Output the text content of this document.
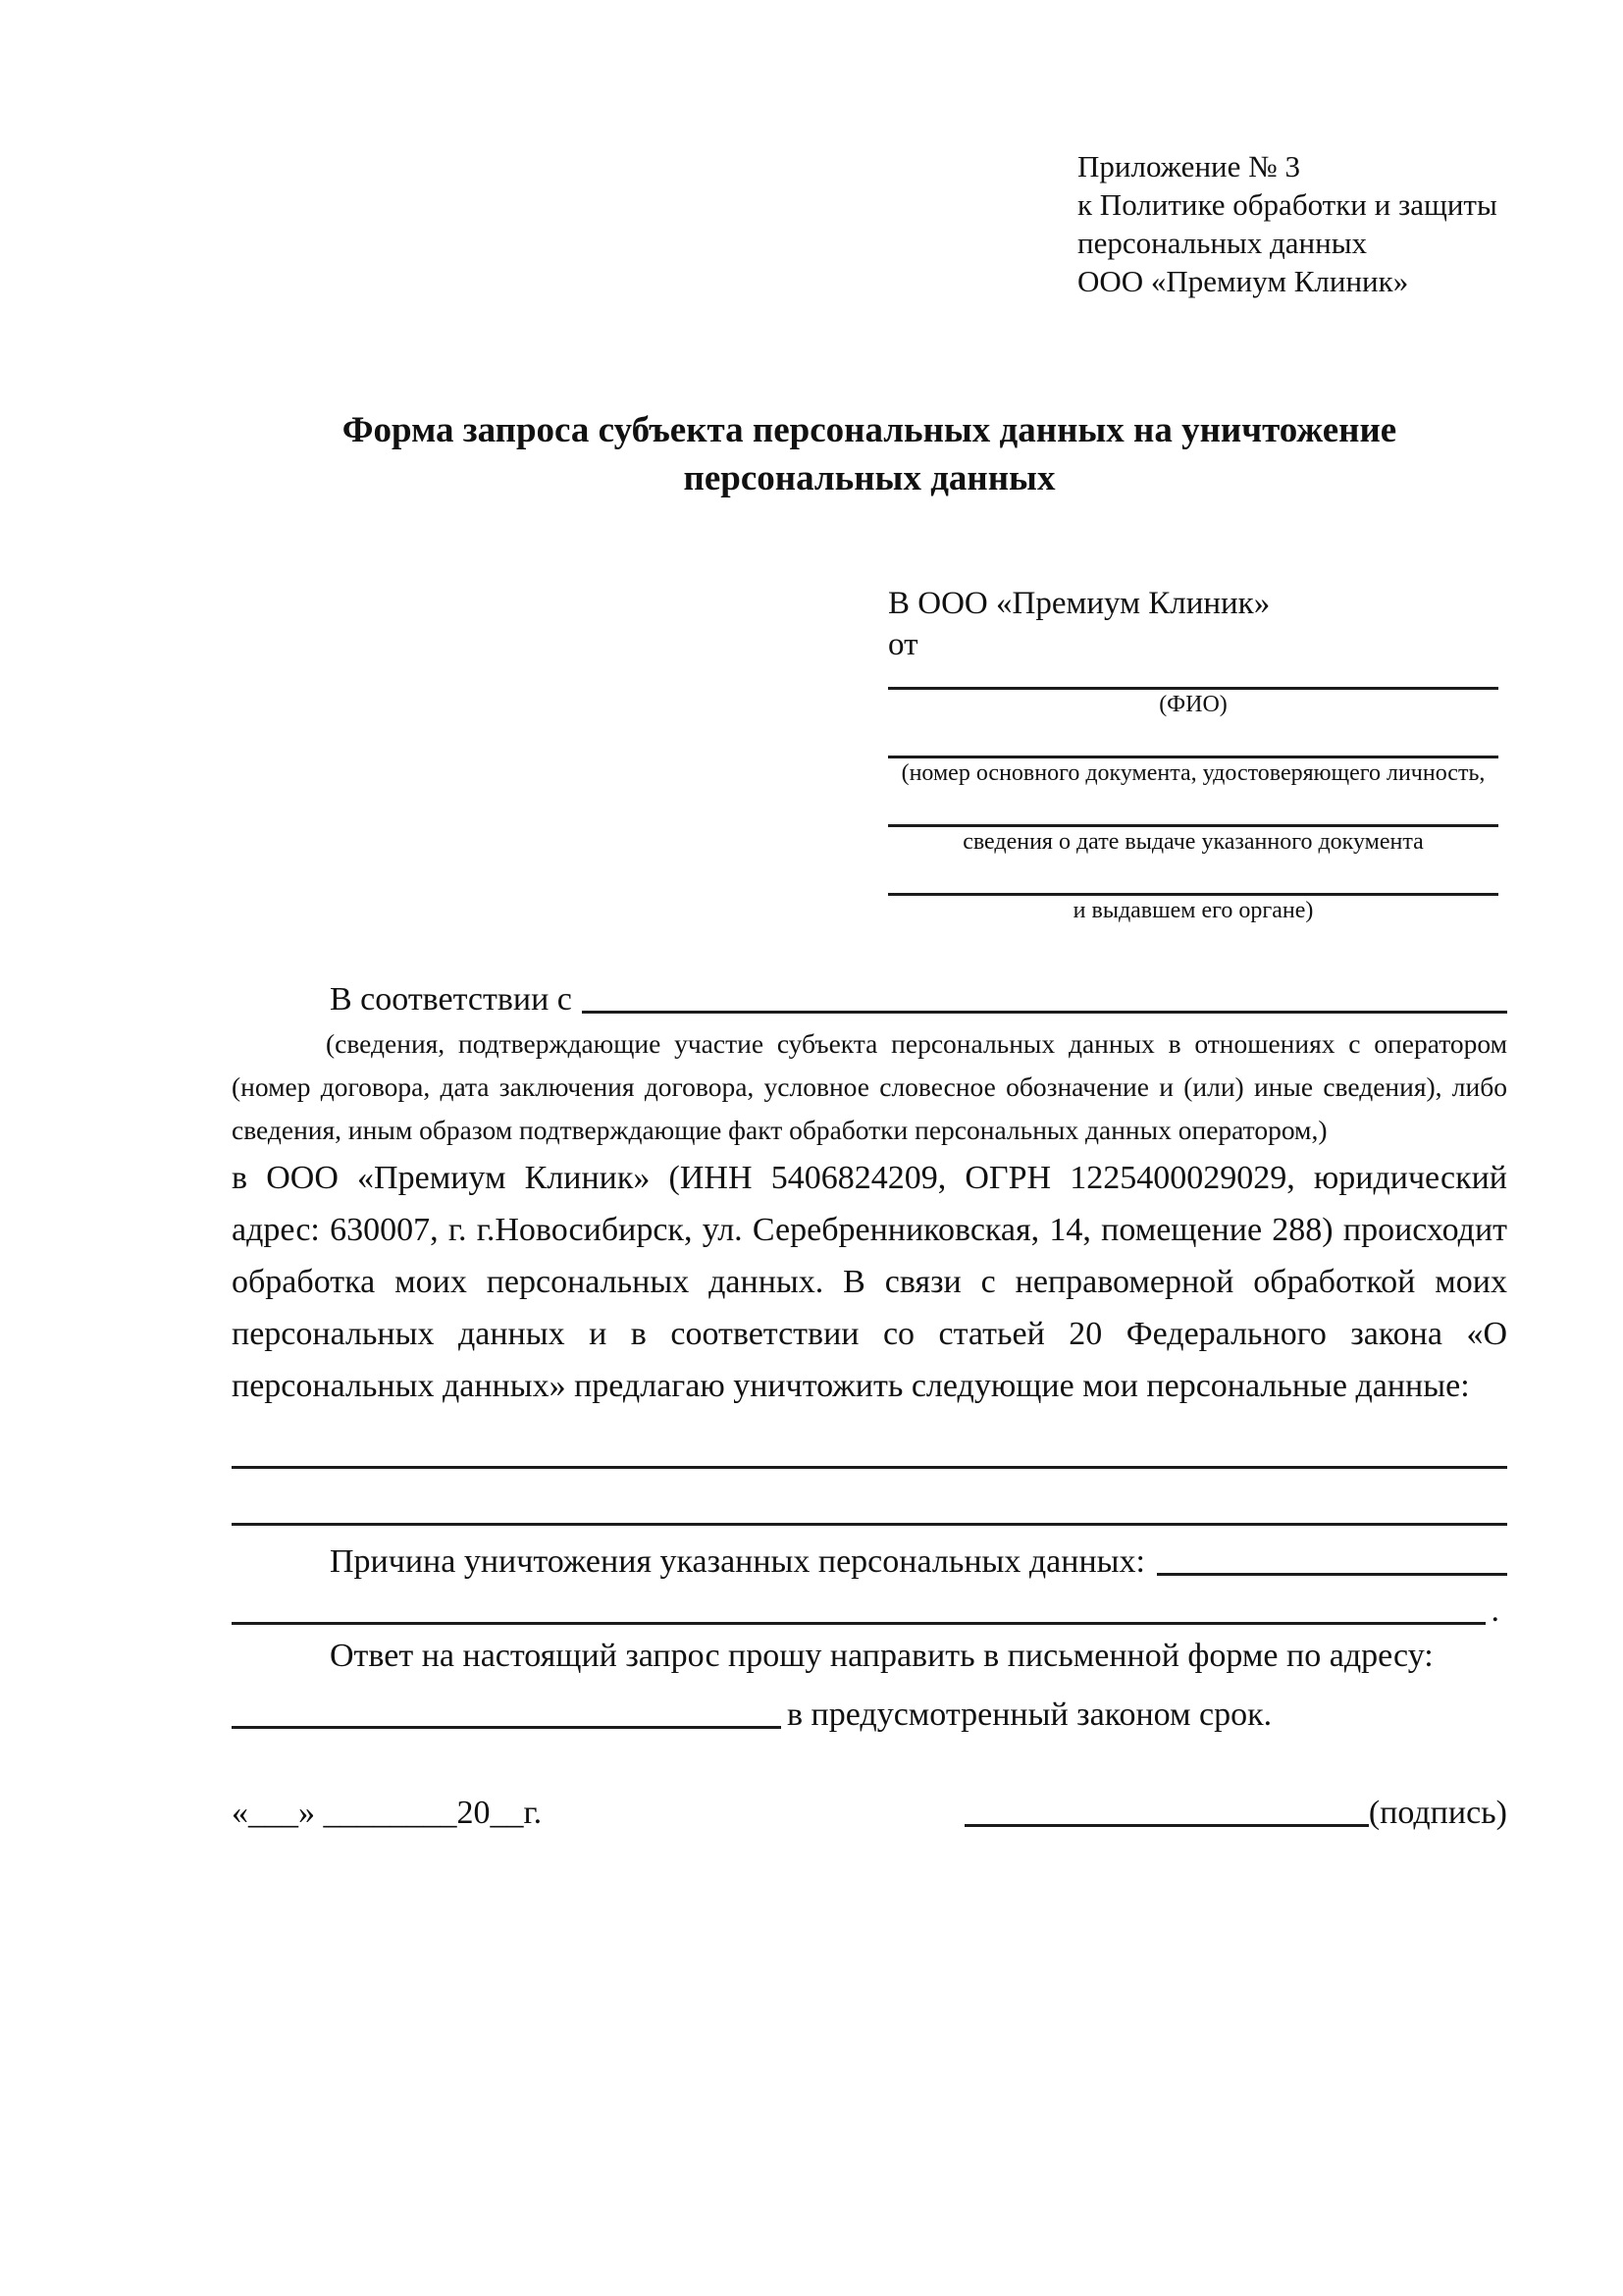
Приложение № 3
к Политике обработки и защиты
персональных данных
ООО «Премиум Клиник»
Форма запроса субъекта персональных данных на уничтожение
персональных данных
В ООО «Премиум Клиник»
от
(ФИО)
(номер основного документа, удостоверяющего личность,
сведения о дате выдаче указанного документа
и выдавшем его органе)
В соответствии с

(сведения, подтверждающие участие субъекта персональных данных в отношениях с оператором (номер договора, дата заключения договора, условное словесное обозначение и (или) иные сведения), либо сведения, иным образом подтверждающие факт обработки персональных данных оператором,)

в ООО «Премиум Клиник» (ИНН 5406824209, ОГРН 1225400029029, юридический адрес: 630007, г. г.Новосибирск, ул. Серебренниковская, 14, помещение 288) происходит обработка моих персональных данных. В связи с неправомерной обработкой моих персональных данных и в соответствии со статьей 20 Федерального закона «О персональных данных» предлагаю уничтожить следующие мои персональные данные:

Причина уничтожения указанных персональных данных:
.

Ответ на настоящий запрос прошу направить в письменной форме по адресу:

в предусмотренный законом срок.
«___» ________20__г.	(подпись)
